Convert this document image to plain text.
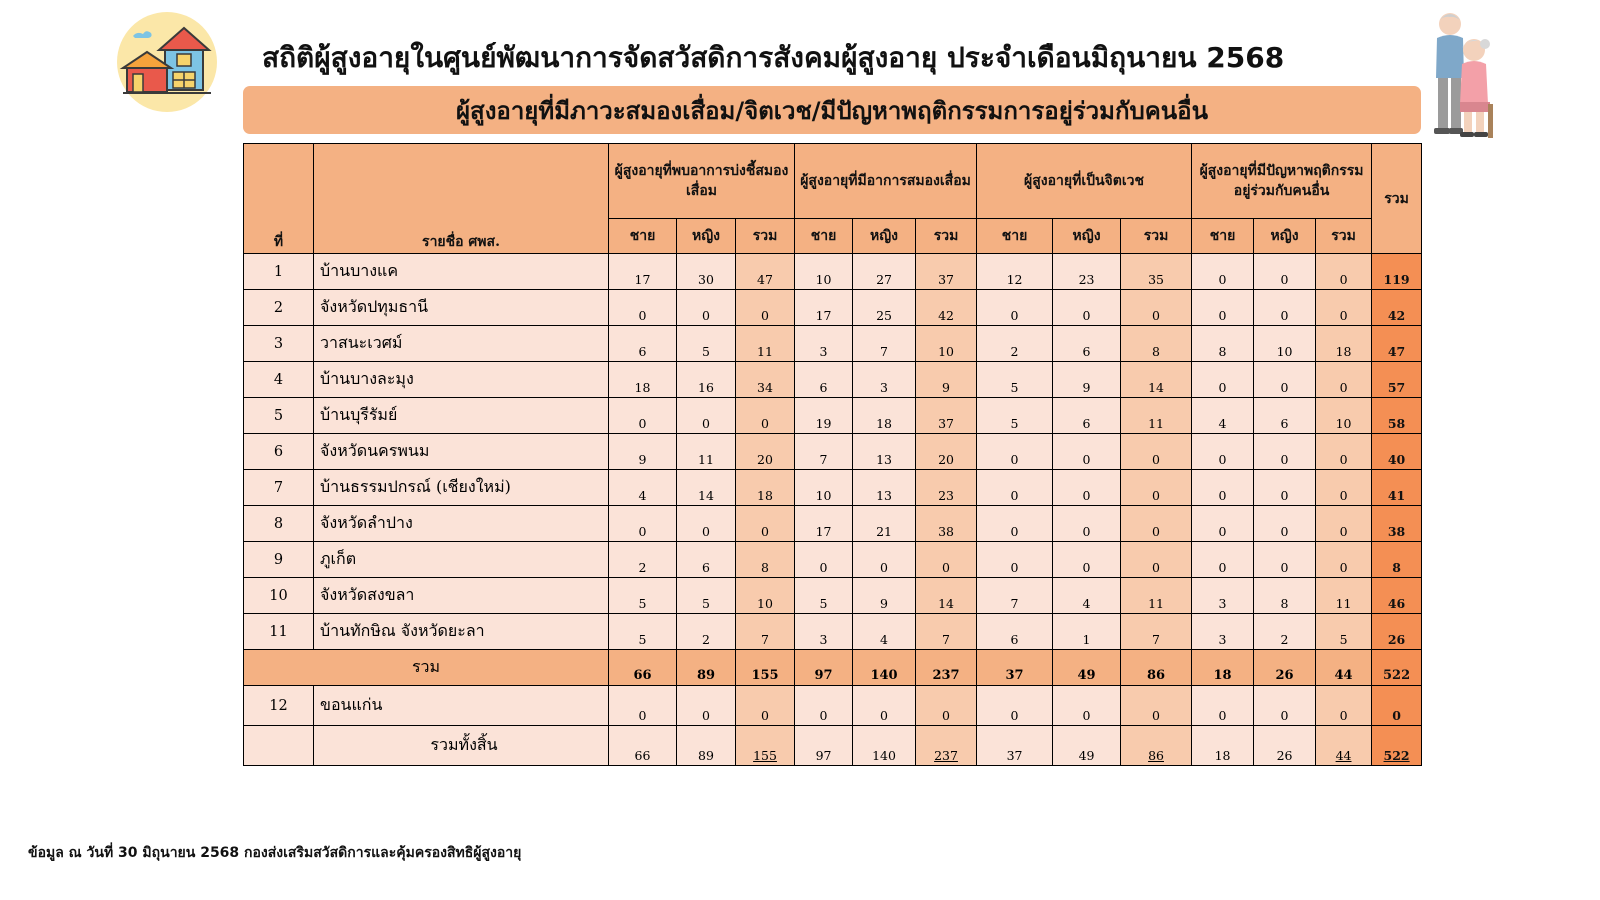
สถิติผู้สูงอายุในศูนย์พัฒนาการจัดสวัสดิการสังคมผู้สูงอายุ ประจำเดือนมิถุนายน 2568
ผู้สูงอายุที่มีภาวะสมองเสื่อม/จิตเวช/มีปัญหาพฤติกรรมการอยู่ร่วมกับคนอื่น
ที่	รายชื่อ ศพส.	ผู้สูงอายุที่พบอาการบ่งชี้สมองเสื่อม			ผู้สูงอายุที่มีอาการสมองเสื่อม			ผู้สูงอายุที่เป็นจิตเวช			ผู้สูงอายุที่มีปัญหาพฤติกรรมอยู่ร่วมกับคนอื่น			รวม
		ชาย	หญิง	รวม	ชาย	หญิง	รวม	ชาย	หญิง	รวม	ชาย	หญิง	รวม	
1	บ้านบางแค	17	30	47	10	27	37	12	23	35	0	0	0	119
2	จังหวัดปทุมธานี	0	0	0	17	25	42	0	0	0	0	0	0	42
3	วาสนะเวศม์	6	5	11	3	7	10	2	6	8	8	10	18	47
4	บ้านบางละมุง	18	16	34	6	3	9	5	9	14	0	0	0	57
5	บ้านบุรีรัมย์	0	0	0	19	18	37	5	6	11	4	6	10	58
6	จังหวัดนครพนม	9	11	20	7	13	20	0	0	0	0	0	0	40
7	บ้านธรรมปกรณ์ (เชียงใหม่)	4	14	18	10	13	23	0	0	0	0	0	0	41
8	จังหวัดลำปาง	0	0	0	17	21	38	0	0	0	0	0	0	38
9	ภูเก็ต	2	6	8	0	0	0	0	0	0	0	0	0	8
10	จังหวัดสงขลา	5	5	10	5	9	14	7	4	11	3	8	11	46
11	บ้านทักษิณ จังหวัดยะลา	5	2	7	3	4	7	6	1	7	3	2	5	26
รวม		66	89	155	97	140	237	37	49	86	18	26	44	522
12	ขอนแก่น	0	0	0	0	0	0	0	0	0	0	0	0	0
	รวมทั้งสิ้น	66	89	155	97	140	237	37	49	86	18	26	44	522
ข้อมูล ณ วันที่ 30 มิถุนายน 2568 กองส่งเสริมสวัสดิการและคุ้มครองสิทธิผู้สูงอายุ
